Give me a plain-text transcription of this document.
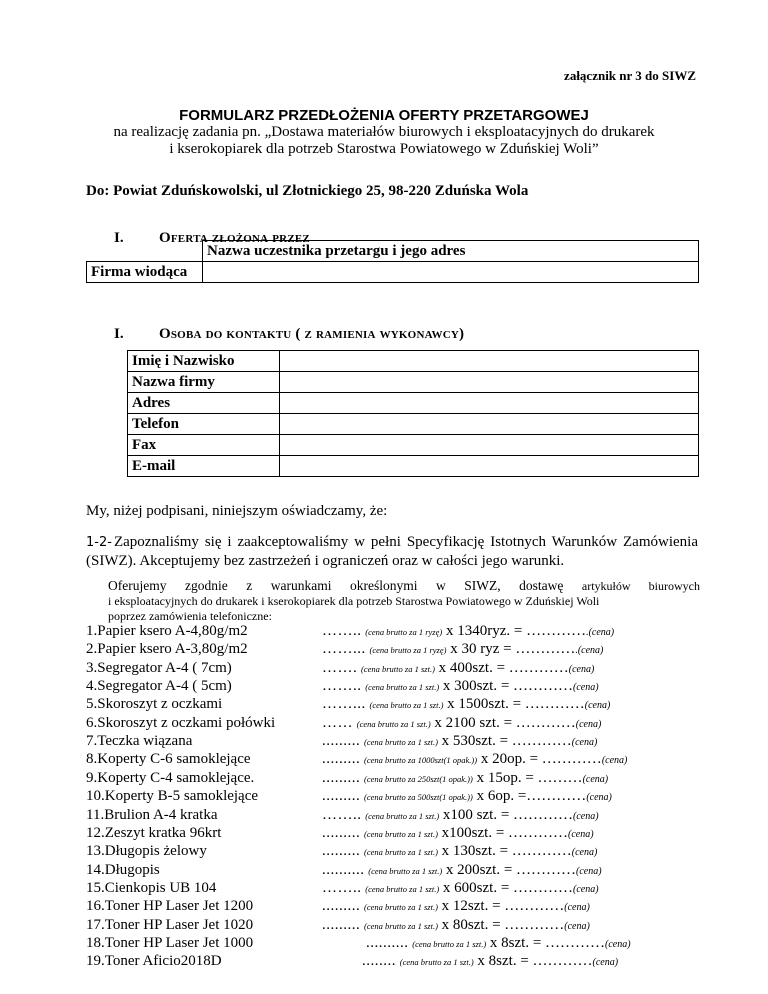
załącznik nr 3 do SIWZ
FORMULARZ PRZEDŁOŻENIA OFERTY PRZETARGOWEJ
na realizację zadania pn. „Dostawa materiałów biurowych i eksploatacyjnych do drukarek
i kserokopiarek dla potrzeb Starostwa Powiatowego w Zduńskiej Woli”
Do: Powiat Zduńskowolski, ul Złotnickiego 25, 98-220 Zduńska Wola
I. Oferta złożona przez
Nazwa uczestnika przetargu i jego adres
Firma wiodąca	
I. Osoba do kontaktu ( z ramienia wykonawcy)
Imię i Nazwisko	
Nazwa firmy	
Adres	
Telefon	
Fax	
E-mail	
My, niżej podpisani, niniejszym oświadczamy, że:
1-2- Zapoznaliśmy się i zaakceptowaliśmy w pełni Specyfikację Istotnych Warunków Zamówienia (SIWZ). Akceptujemy bez zastrzeżeń i ograniczeń oraz w całości jego warunki.
Oferujemy zgodnie z warunkami określonymi w SIWZ, dostawę artykułów biurowych
i eksploatacyjnych do drukarek i kserokopiarek dla potrzeb Starostwa Powiatowego w Zduńskiej Woli
poprzez zamówienia telefoniczne:
1.Papier ksero A-4,80g/m2	…….. (cena brutto za 1 ryzę) x 1340ryz. = ………….(cena)
2.Papier ksero A-3,80g/m2	……... (cena brutto za 1 ryzę) x 30 ryz = ………….(cena)
3.Segregator A-4 ( 7cm)	……. (cena brutto za 1 szt.) x 400szt. = …………(cena)
4.Segregator A-4 ( 5cm)	…….. (cena brutto za 1 szt.) x 300szt. = …………(cena)
5.Skoroszyt z oczkami	……... (cena brutto za 1 szt.) x 1500szt. = …………(cena)
6.Skoroszyt z oczkami połówki	…… (cena brutto za 1 szt.) x 2100 szt. = …………(cena)
7.Teczka wiązana	......... (cena brutto za 1 szt.) x 530szt. = …………(cena)
8.Koperty C-6 samoklejące	......... (cena brutto za 1000szt(1 opak.)) x 20op. = …………(cena)
9.Koperty C-4 samoklejące.	......... (cena brutto za 250szt(1 opak.)) x 15op. = ………(cena)
10.Koperty B-5 samoklejące	......... (cena brutto za 500szt(1 opak.)) x 6op. =…………(cena)
11.Brulion A-4 kratka	…….. (cena brutto za 1 szt.) x100 szt. = …………(cena)
12.Zeszyt kratka 96krt	......... (cena brutto za 1 szt.) x100szt. = …………(cena)
13.Długopis żelowy	......... (cena brutto za 1 szt.) x 130szt. = …………(cena)
14.Długopis	.......... (cena brutto za 1 szt.) x 200szt. = …………(cena)
15.Cienkopis UB 104	…….. (cena brutto za 1 szt.) x 600szt. = …………(cena)
16.Toner HP Laser Jet 1200	......... (cena brutto za 1 szt.) x 12szt. = …………(cena)
17.Toner HP Laser Jet 1020	......... (cena brutto za 1 szt.) x 80szt. = …………(cena)
18.Toner HP Laser Jet 1000	.......... (cena brutto za 1 szt.) x 8szt. = …………(cena)
19.Toner Aficio2018D	........ (cena brutto za 1 szt.) x 8szt. = …………(cena)
